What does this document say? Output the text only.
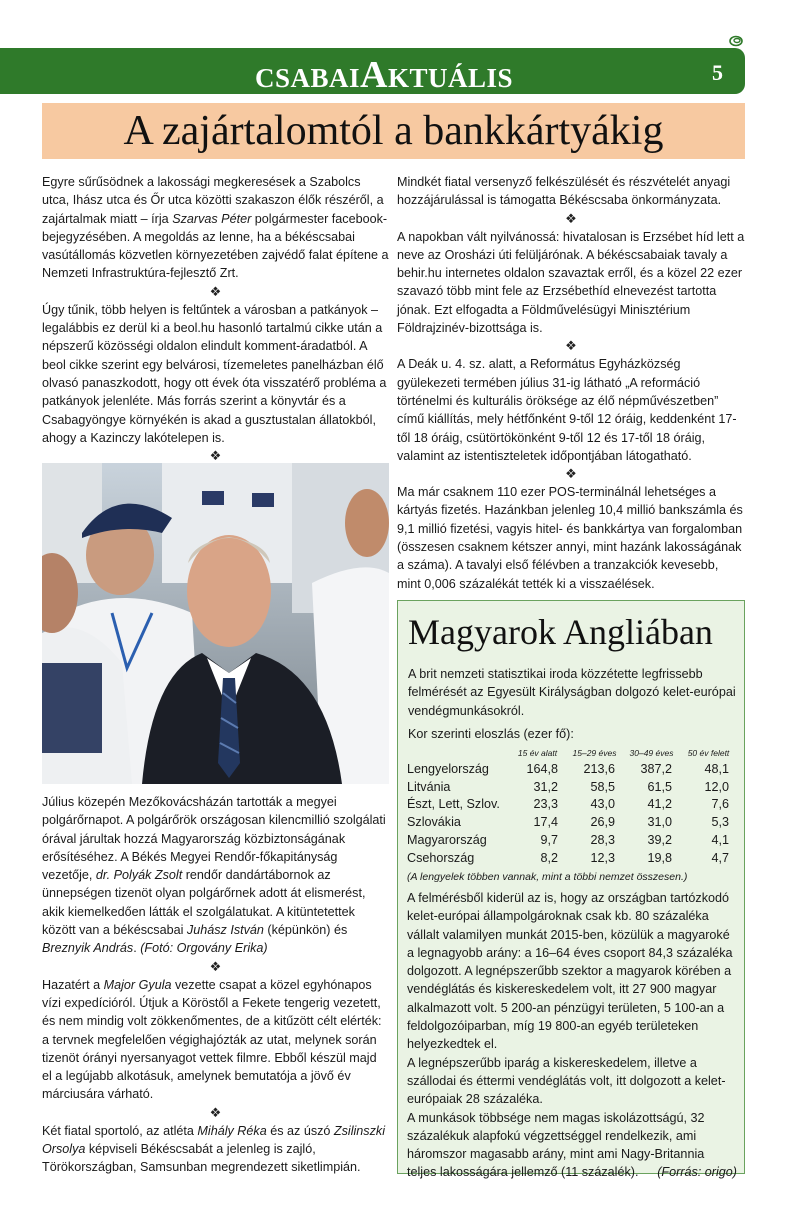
CSABAIAKTUÁLIS	5
A zajártalomtól a bankkártyákig

Egyre sűrűsödnek a lakossági megkeresések a Szabolcs utca, Ihász utca és Őr utca közötti szakaszon élők részéről, a zajártalmak miatt – írja Szarvas Péter polgármester facebook-bejegyzésében. A megoldás az lenne, ha a békéscsabai vasútállomás közvetlen környezetében zajvédő falat építene a Nemzeti Infrastruktúra-fejlesztő Zrt.

❖

Úgy tűnik, több helyen is feltűntek a városban a patkányok – legalábbis ez derül ki a beol.hu hasonló tartalmú cikke után a népszerű közösségi oldalon elindult komment-áradatból. A beol cikke szerint egy belvárosi, tízemeletes panelházban élő olvasó panaszkodott, hogy ott évek óta visszatérő probléma a patkányok jelenléte. Más forrás szerint a könyvtár és a Csabagyöngye környékén is akad a gusztustalan állatokból, ahogy a Kazinczy lakótelepen is.

❖

Július közepén Mezőkovácsházán tartották a megyei polgárőrnapot. A polgárőrök országosan kilencmillió szolgálati órával járultak hozzá Magyarország közbiztonságának erősítéséhez. A Békés Megyei Rendőr-főkapitányság vezetője, dr. Polyák Zsolt rendőr dandártábornok az ünnepségen tizenöt olyan polgárőrnek adott át elismerést, akik kiemelkedően látták el szolgálatukat. A kitüntetettek között van a békéscsabai Juhász István (képünkön) és Breznyik András. (Fotó: Orgovány Erika)

❖

Hazatért a Major Gyula vezette csapat a közel egyhónapos vízi expedícióról. Útjuk a Köröstől a Fekete tengerig vezetett, és nem mindig volt zökkenőmentes, de a kitűzött célt elérték: a tervnek megfelelően végighajózták az utat, melynek során tizenöt órányi nyersanyagot vettek filmre. Ebből készül majd el a legújabb alkotásuk, amelynek bemutatója a jövő év márciusára várható.

❖

Két fiatal sportoló, az atléta Mihály Réka és az úszó Zsilinszki Orsolya képviseli Békéscsabát a jelenleg is zajló, Törökországban, Samsunban megrendezett siketlimpián.

Mindkét fiatal versenyző felkészülését és részvételét anyagi hozzájárulással is támogatta Békéscsaba önkormányzata.

❖

A napokban vált nyilvánossá: hivatalosan is Erzsébet híd lett a neve az Orosházi úti felüljárónak. A békéscsabaiak tavaly a behir.hu internetes oldalon szavaztak erről, és a közel 22 ezer szavazó több mint fele az Erzsébethíd elnevezést tartotta jónak. Ezt elfogadta a Földművelésügyi Minisztérium Földrajzinév-bizottsága is.

❖

A Deák u. 4. sz. alatt, a Református Egyházközség gyülekezeti termében július 31-ig látható „A reformáció történelmi és kulturális öröksége az élő népművészetben” című kiállítás, mely hétfőnként 9-től 12 óráig, keddenként 17-től 18 óráig, csütörtökönként 9-től 12 és 17-től 18 óráig, valamint az istentiszteletek időpontjában látogatható.

❖

Ma már csaknem 110 ezer POS-terminálnál lehetséges a kártyás fizetés. Hazánkban jelenleg 10,4 millió bankszámla és 9,1 millió fizetési, vagyis hitel- és bankkártya van forgalomban (összesen csaknem kétszer annyi, mint hazánk lakosságának a száma). A tavalyi első félévben a tranzakciók kevesebb, mint 0,006 százalékát tették ki a visszaélések.

Magyarok Angliában
A brit nemzeti statisztikai iroda közzétette legfrissebb felmérését az Egyesült Királyságban dolgozó kelet-európai vendégmunkásokról.
Kor szerinti eloszlás (ezer fő):
	15 év alatt	15–29 éves	30–49 éves	50 év felett
Lengyelország	164,8	213,6	387,2	48,1
Litvánia	31,2	58,5	61,5	12,0
Észt, Lett, Szlov.	23,3	43,0	41,2	7,6
Szlovákia	17,4	26,9	31,0	5,3
Magyarország	9,7	28,3	39,2	4,1
Csehország	8,2	12,3	19,8	4,7
(A lengyelek többen vannak, mint a többi nemzet összesen.)

A felmérésből kiderül az is, hogy az országban tartózkodó kelet-európai állampolgároknak csak kb. 80 százaléka vállalt valamilyen munkát 2015-ben, közülük a magyaroké a legnagyobb arány: a 16–64 éves csoport 84,3 százaléka dolgozott. A legnépszerűbb szektor a magyarok körében a vendéglátás és kiskereskedelem volt, itt 27 900 magyar alkalmazott volt. 5 200-an pénzügyi területen, 5 100-an a feldolgozóiparban, míg 19 800-an egyéb területeken helyezkedtek el.

A legnépszerűbb iparág a kiskereskedelem, illetve a szállodai és éttermi vendéglátás volt, itt dolgozott a kelet-európaiak 28 százaléka.

A munkások többsége nem magas iskolázottságú, 32 százalékuk alapfokú végzettséggel rendelkezik, ami háromszor magasabb arány, mint ami Nagy-Britannia teljes lakosságára jellemző (11 százalék). (Forrás: origo)
